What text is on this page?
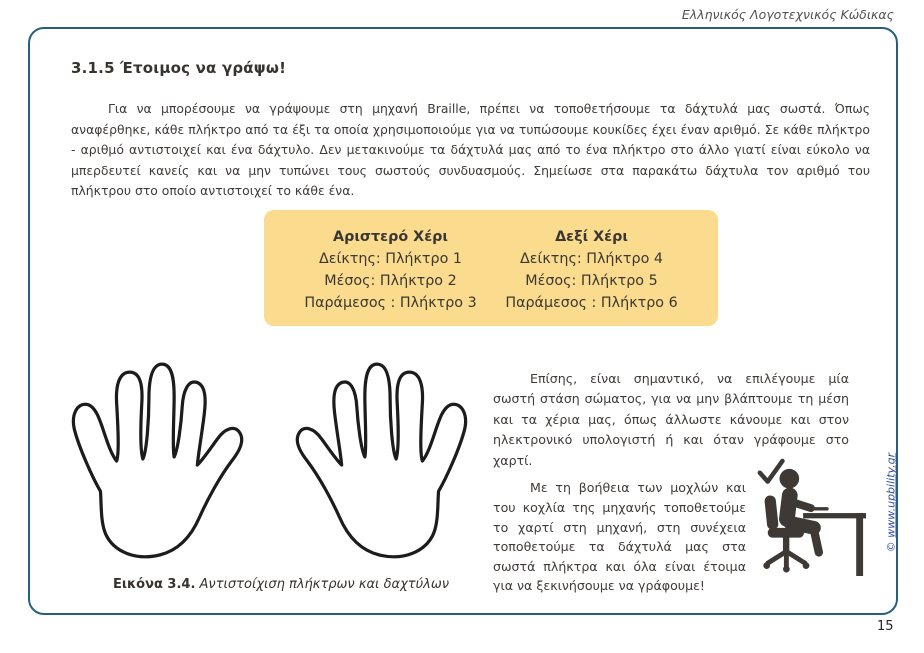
Ελληνικός Λογοτεχνικός Κώδικας
3.1.5 Έτοιμος να γράψω!

Για να μπορέσουμε να γράψουμε στη μηχανή Braille, πρέπει να τοποθετήσουμε τα δάχτυλά μας σωστά. Όπως αναφέρθηκε, κάθε πλήκτρο από τα έξι τα οποία χρησιμοποιούμε για να τυπώσουμε κουκίδες έχει έναν αριθμό. Σε κάθε πλήκτρο - αριθμό αντιστοιχεί και ένα δάχτυλο. Δεν μετακινούμε τα δάχτυλά μας από το ένα πλήκτρο στο άλλο γιατί είναι εύκολο να μπερδευτεί κανείς και να μην τυπώνει τους σωστούς συνδυασμούς. Σημείωσε στα παρακάτω δάχτυλα τον αριθμό του πλήκτρου στο οποίο αντιστοιχεί το κάθε ένα.

Αριστερό Χέρι
Δείκτης: Πλήκτρο 1
Μέσος: Πλήκτρο 2
Παράμεσος : Πλήκτρο 3
Δεξί Χέρι
Δείκτης: Πλήκτρο 4
Μέσος: Πλήκτρο 5
Παράμεσος : Πλήκτρο 6
Εικόνα 3.4. Αντιστοίχιση πλήκτρων και δαχτύλων

Επίσης, είναι σημαντικό, να επιλέγουμε μία σωστή στάση σώματος, για να μην βλάπτουμε τη μέση και τα χέρια μας, όπως άλλωστε κάνουμε και στον ηλεκτρονικό υπολογιστή ή και όταν γράφουμε στο χαρτί.

Με τη βοήθεια των μοχλών και του κοχλία της μηχανής τοποθετούμε το χαρτί στη μηχανή, στη συνέχεια τοποθετούμε τα δάχτυλά μας στα σωστά πλήκτρα και όλα είναι έτοιμα για να ξεκινήσουμε να γράφουμε!

© www.upbility.gr
15
